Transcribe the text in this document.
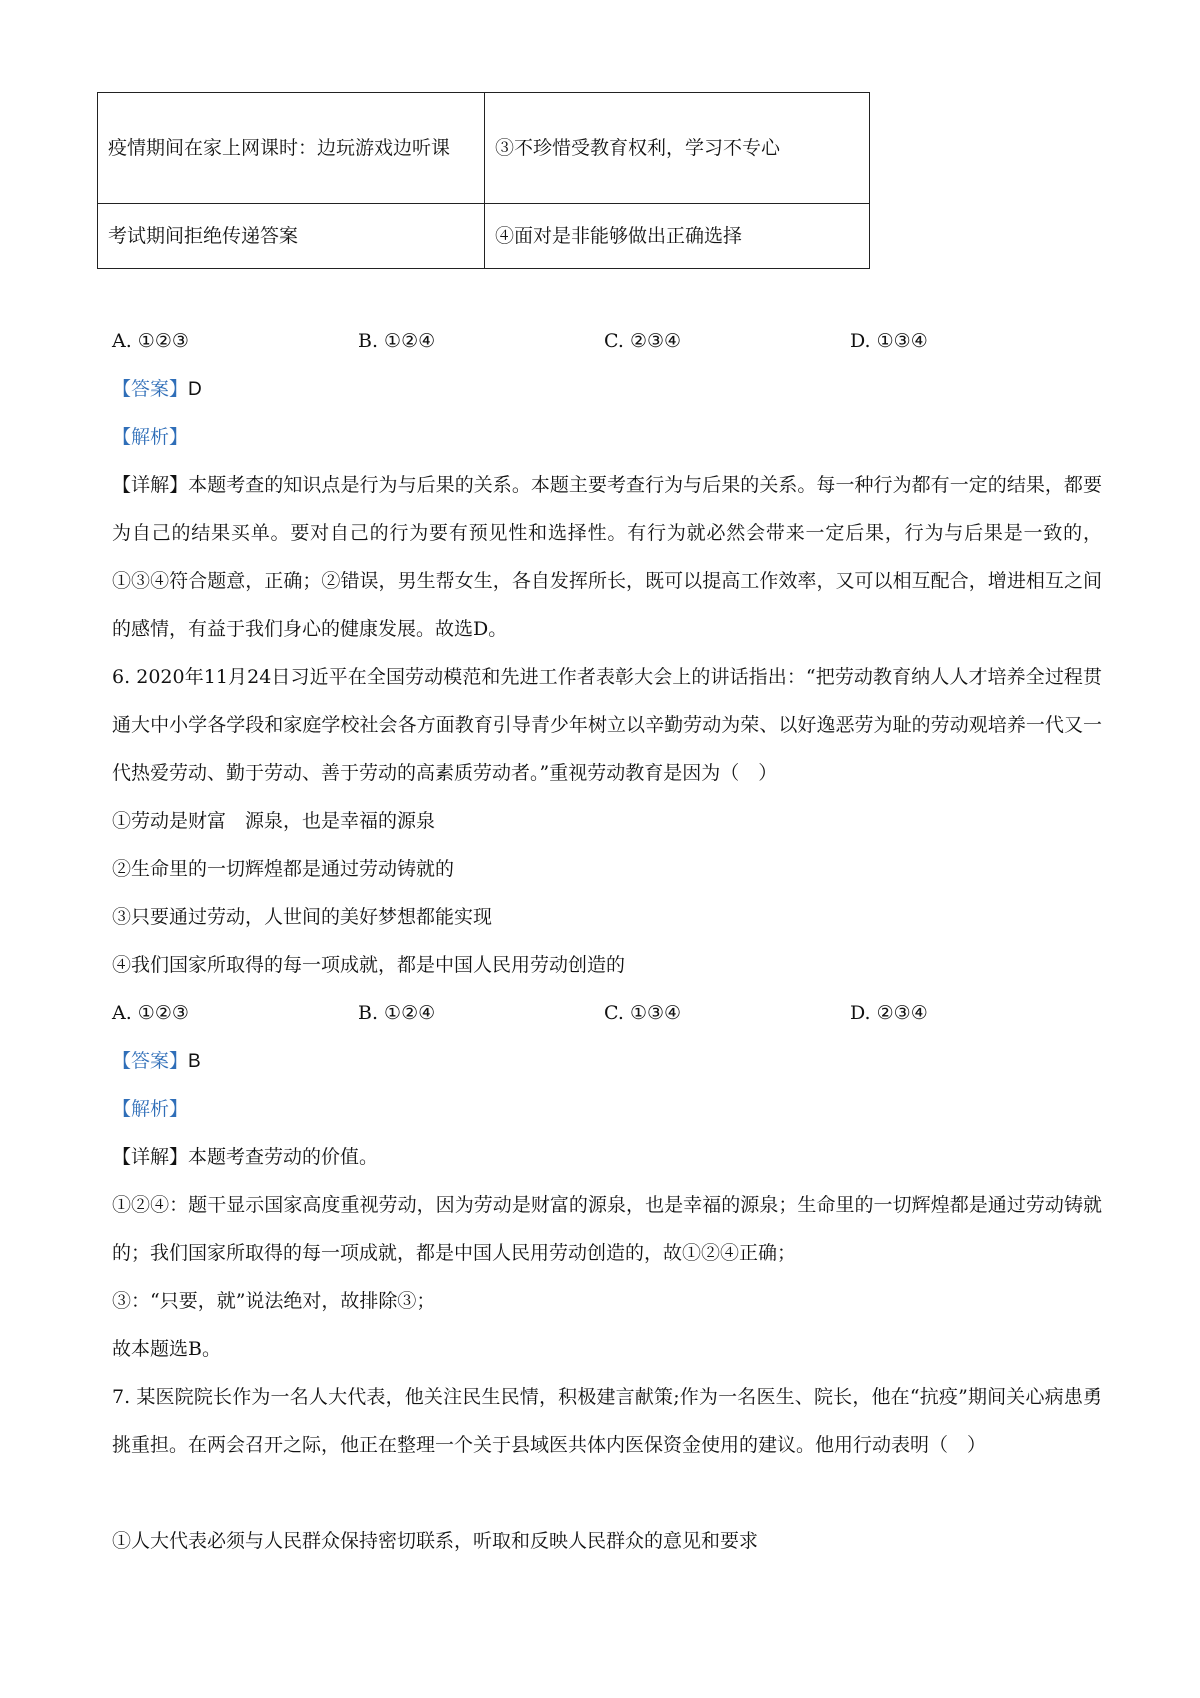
疫情期间在家上网课时：边玩游戏边听课	③不珍惜受教育权利，学习不专心
考试期间拒绝传递答案	④面对是非能够做出正确选择
A. ①②③	B. ①②④	C. ②③④	D. ①③④
【答案】D
【解析】
【详解】本题考查的知识点是行为与后果的关系。本题主要考查行为与后果的关系。每一种行为都有一定的结果，都要为自己的结果买单。要对自己的行为要有预见性和选择性。有行为就必然会带来一定后果，行为与后果是一致的，①③④符合题意，正确；②错误，男生帮女生，各自发挥所长，既可以提高工作效率，又可以相互配合，增进相互之间的感情，有益于我们身心的健康发展。故选D。
6. 2020年11月24日习近平在全国劳动模范和先进工作者表彰大会上的讲话指出：“把劳动教育纳人人才培养全过程贯通大中小学各学段和家庭学校社会各方面教育引导青少年树立以辛勤劳动为荣、以好逸恶劳为耻的劳动观培养一代又一代热爱劳动、勤于劳动、善于劳动的高素质劳动者。”重视劳动教育是因为（　）
①劳动是财富　源泉，也是幸福的源泉
②生命里的一切辉煌都是通过劳动铸就的
③只要通过劳动，人世间的美好梦想都能实现
④我们国家所取得的每一项成就，都是中国人民用劳动创造的
A. ①②③	B. ①②④	C. ①③④	D. ②③④
【答案】B
【解析】
【详解】本题考查劳动的价值。
①②④：题干显示国家高度重视劳动，因为劳动是财富的源泉，也是幸福的源泉；生命里的一切辉煌都是通过劳动铸就的；我们国家所取得的每一项成就，都是中国人民用劳动创造的，故①②④正确；
③：“只要，就”说法绝对，故排除③；
故本题选B。
7. 某医院院长作为一名人大代表，他关注民生民情，积极建言献策;作为一名医生、院长，他在“抗疫”期间关心病患勇挑重担。在两会召开之际，他正在整理一个关于县域医共体内医保资金使用的建议。他用行动表明（　）
①人大代表必须与人民群众保持密切联系，听取和反映人民群众的意见和要求
